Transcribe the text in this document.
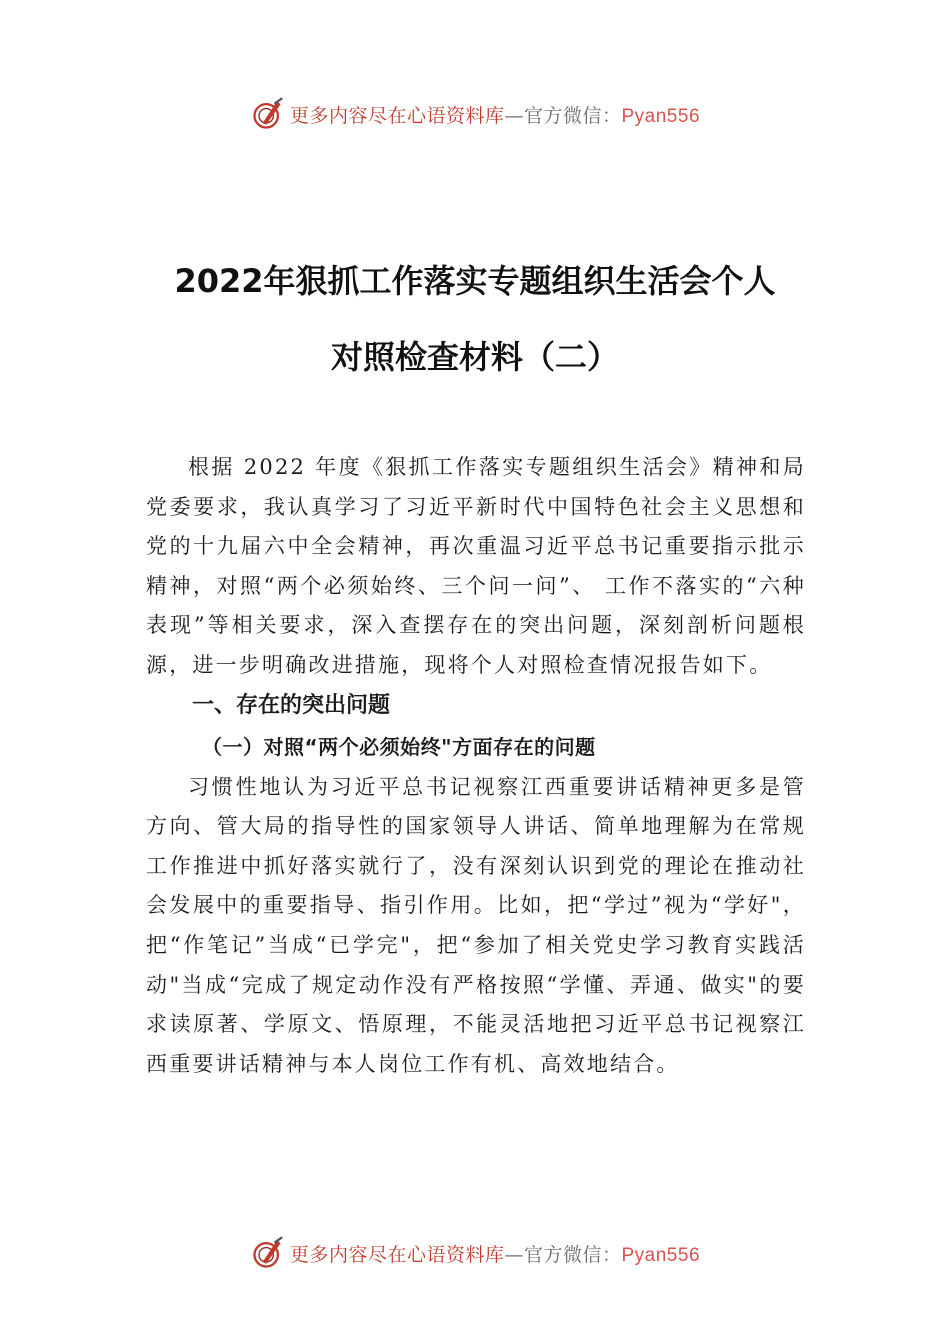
更多内容尽在心语资料库—官方微信：Pyan556
2022年狠抓工作落实专题组织生活会个人
对照检查材料（二）

根据 2022 年度《狠抓工作落实专题组织生活会》精神和局党委要求，我认真学习了习近平新时代中国特色社会主义思想和党的十九届六中全会精神，再次重温习近平总书记重要指示批示精神，对照“两个必须始终、三个问一问”、 工作不落实的“六种表现”等相关要求，深入查摆存在的突出问题，深刻剖析问题根源，进一步明确改进措施，现将个人对照检查情况报告如下。

一、存在的突出问题

（一）对照“两个必须始终"方面存在的问题

习惯性地认为习近平总书记视察江西重要讲话精神更多是管方向、管大局的指导性的国家领导人讲话、简单地理解为在常规工作推进中抓好落实就行了，没有深刻认识到党的理论在推动社会发展中的重要指导、指引作用。比如，把“学过”视为“学好"，把“作笔记”当成“已学完"，把“参加了相关党史学习教育实践活动"当成“完成了规定动作没有严格按照“学懂、弄通、做实"的要求读原著、学原文、悟原理，不能灵活地把习近平总书记视察江西重要讲话精神与本人岗位工作有机、高效地结合。

更多内容尽在心语资料库—官方微信：Pyan556
